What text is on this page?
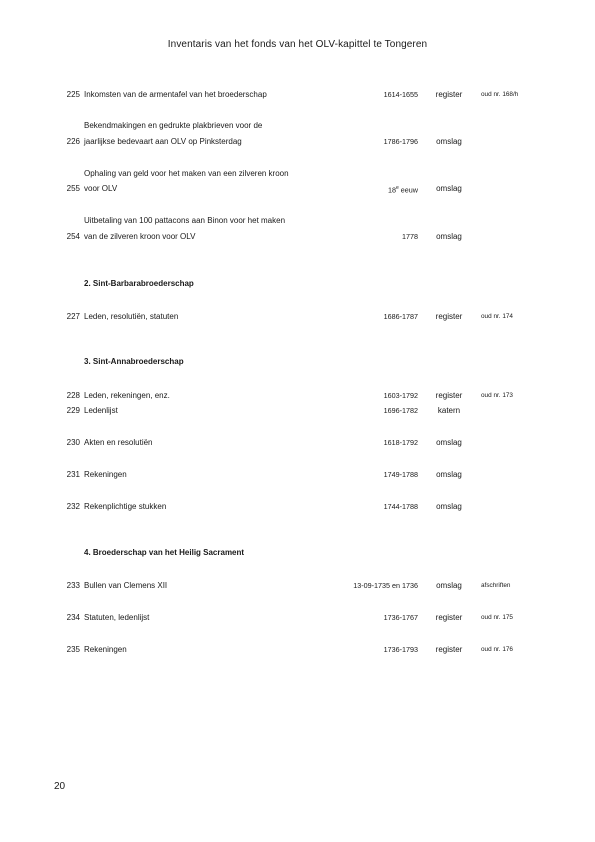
Inventaris van het fonds van het OLV-kapittel te Tongeren
225 Inkomsten van de armentafel van het broederschap	1614-1655	register	oud nr. 168/h
Bekendmakingen en gedrukte plakbrieven voor de
226 jaarlijkse bedevaart aan OLV op Pinksterdag	1786-1796	omslag
Ophaling van geld voor het maken van een zilveren kroon
255 voor OLV	18e eeuw	omslag
Uitbetaling van 100 pattacons aan Binon voor het maken
254 van de zilveren kroon voor OLV	1778	omslag
2. Sint-Barbarabroederschap
227 Leden, resolutiën, statuten	1686-1787	register	oud nr. 174
3. Sint-Annabroederschap
228 Leden, rekeningen, enz.	1603-1792	register	oud nr. 173
229 Ledenlijst	1696-1782	katern
230 Akten en resolutiën	1618-1792	omslag
231 Rekeningen	1749-1788	omslag
232 Rekenplichtige stukken	1744-1788	omslag
4. Broederschap van het Heilig Sacrament
233 Bullen van Clemens XII	13-09-1735 en 1736	omslag	afschriften
234 Statuten, ledenlijst	1736-1767	register	oud nr. 175
235 Rekeningen	1736-1793	register	oud nr. 176
20
